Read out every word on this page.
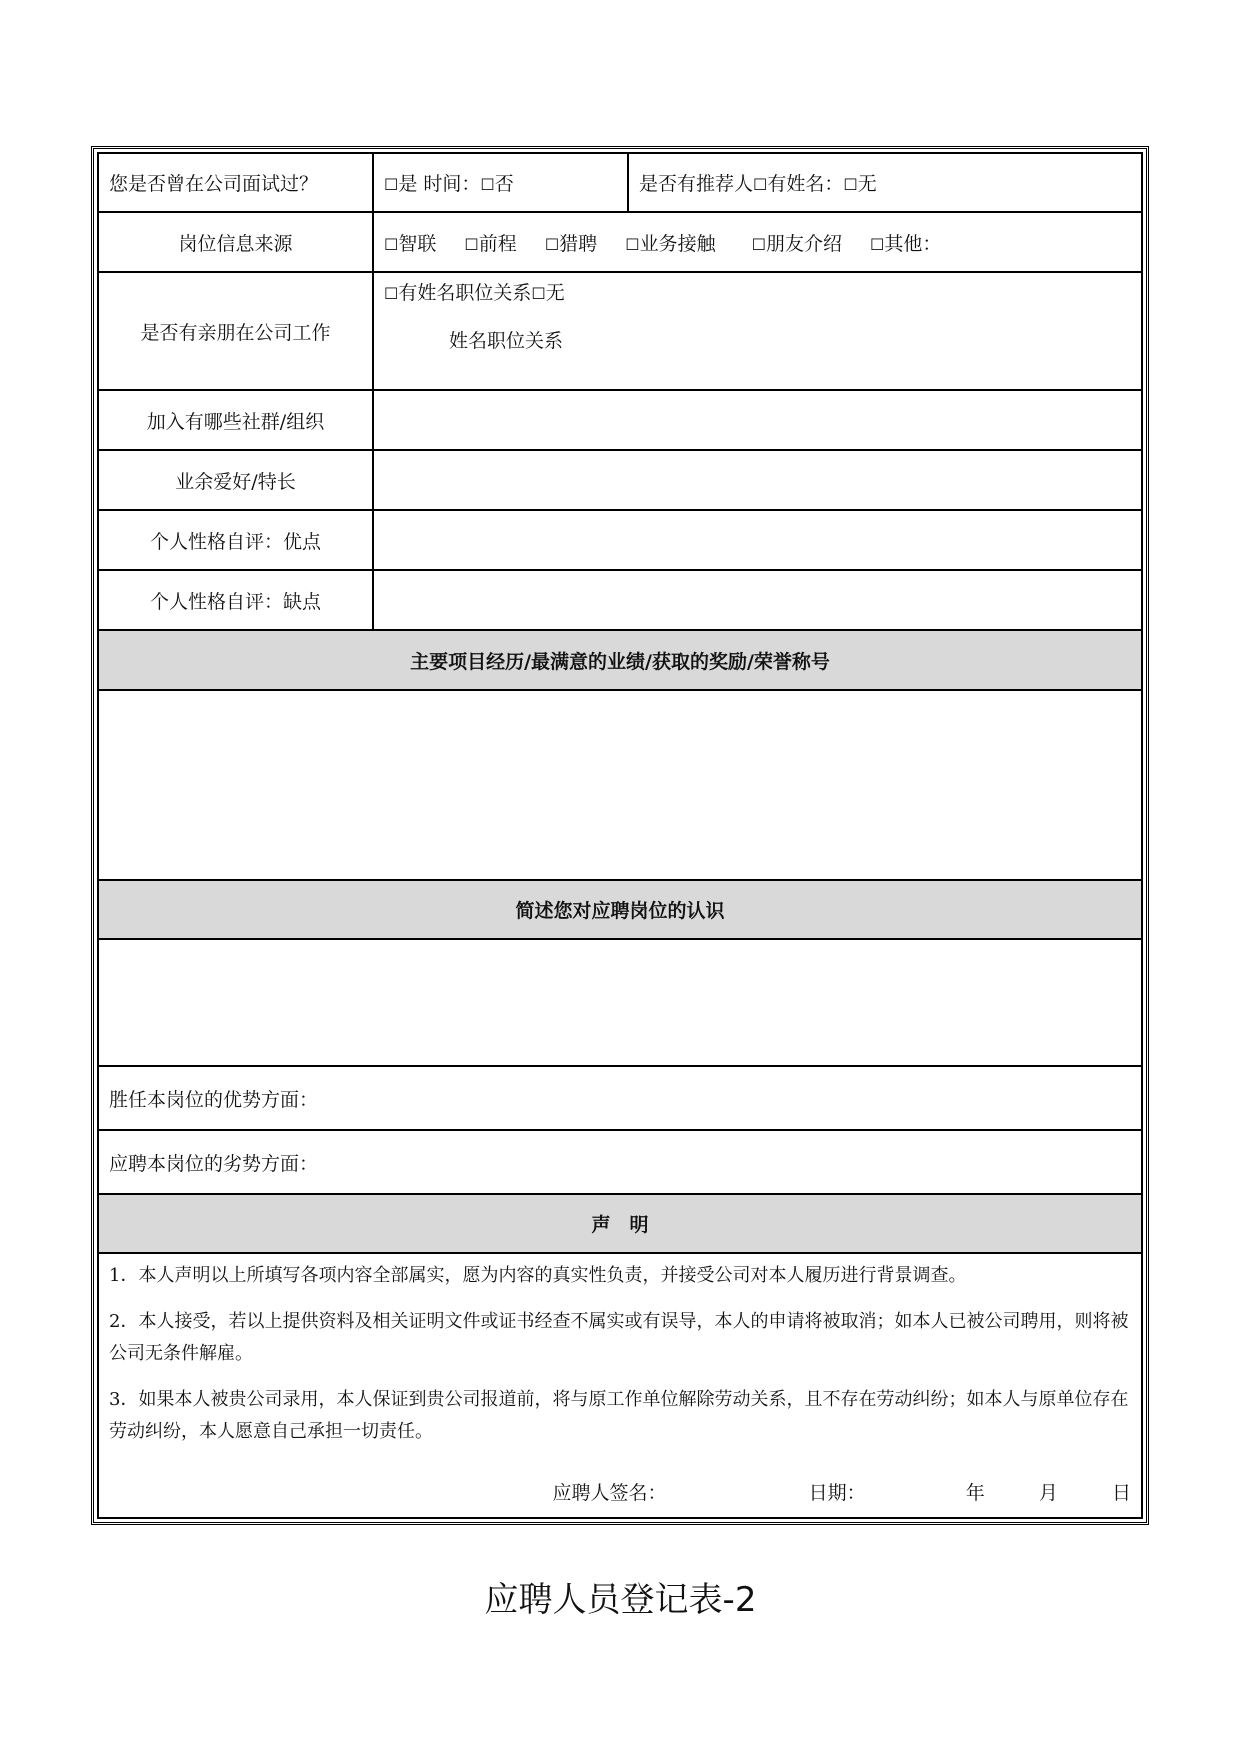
您是否曾在公司面试过？	☐是 时间：☐否	是否有推荐人☐有姓名：☐无
岗位信息来源	☐智联 ☐前程 ☐猎聘 ☐业务接触 ☐朋友介绍 ☐其他：	
是否有亲朋在公司工作	☐有姓名职位关系☐无
姓名职位关系	

加入有哪些社群/组织		
业余爱好/特长		
个人性格自评：优点		
个人性格自评：缺点		
主要项目经历/最满意的业绩/获取的奖励/荣誉称号		

简述您对应聘岗位的认识		

胜任本岗位的优势方面：		
应聘本岗位的劣势方面：		
声　明		

1．本人声明以上所填写各项内容全部属实，愿为内容的真实性负责，并接受公司对本人履历进行背景调查。

2．本人接受，若以上提供资料及相关证明文件或证书经查不属实或有误导，本人的申请将被取消；如本人已被公司聘用，则将被公司无条件解雇。

3．如果本人被贵公司录用，本人保证到贵公司报道前，将与原工作单位解除劳动关系，且不存在劳动纠纷；如本人与原单位存在劳动纠纷，本人愿意自己承担一切责任。

应聘人签名： 日期： 年 月 日		
应聘人员登记表-2
